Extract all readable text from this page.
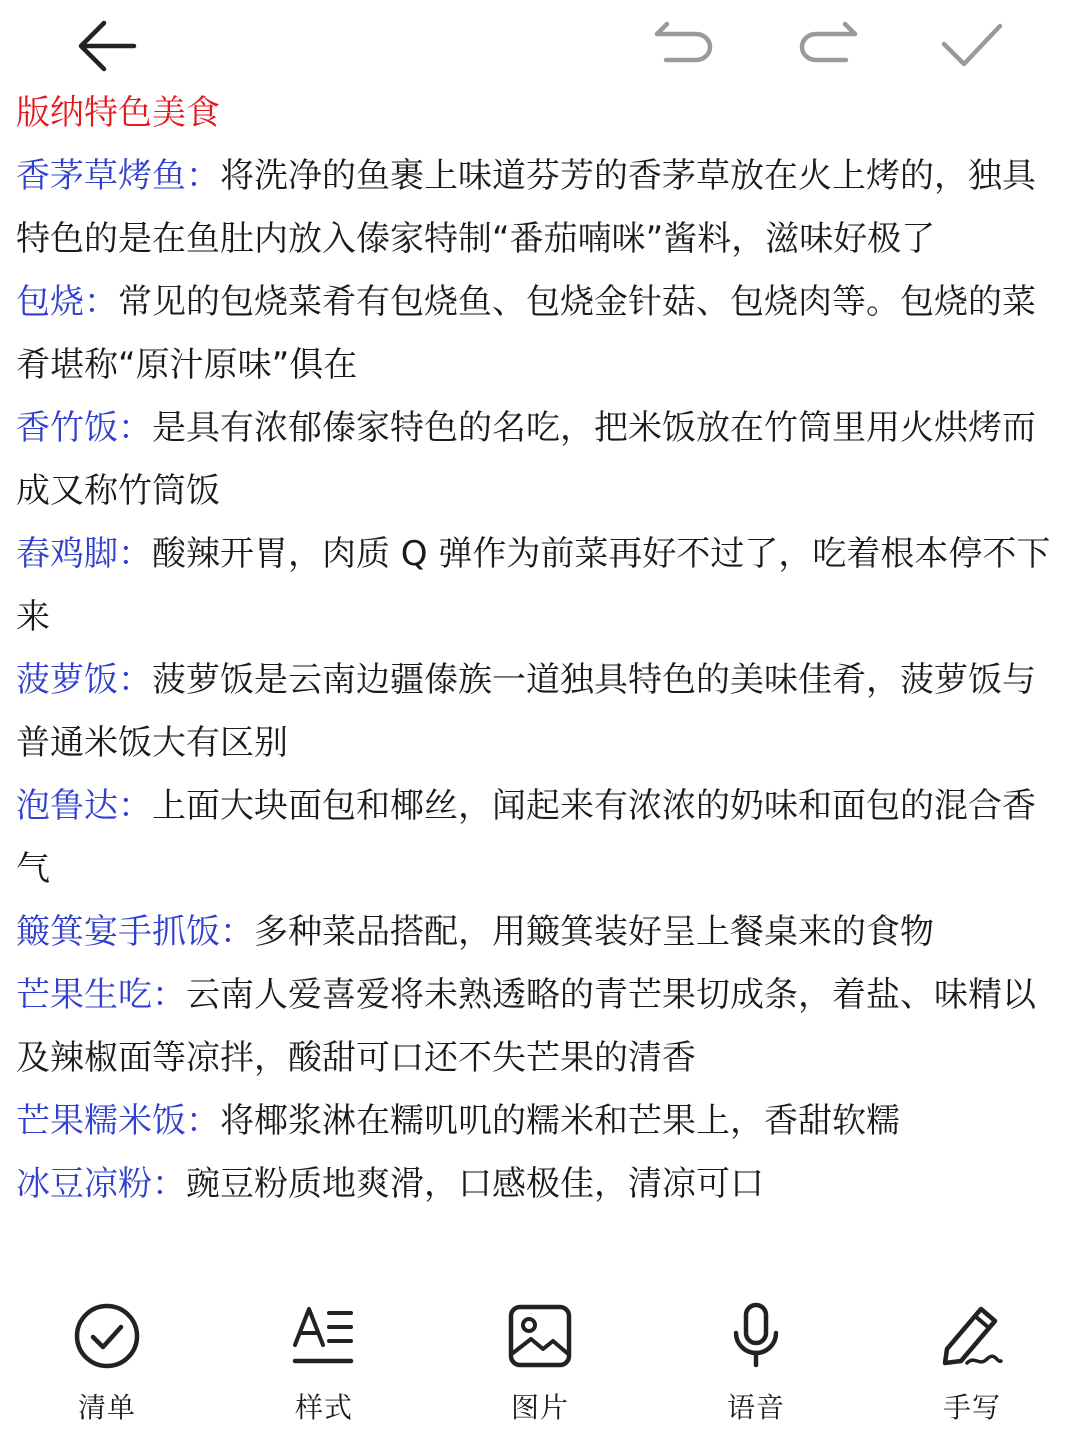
版纳特色美食
香茅草烤鱼：将洗净的鱼裹上味道芬芳的香茅草放在火上烤的，独具特色的是在鱼肚内放入傣家特制“番茄喃咪”酱料，滋味好极了
包烧：常见的包烧菜肴有包烧鱼、包烧金针菇、包烧肉等。包烧的菜肴堪称“原汁原味”俱在
香竹饭：是具有浓郁傣家特色的名吃，把米饭放在竹筒里用火烘烤而成又称竹筒饭
舂鸡脚：酸辣开胃，肉质 Q 弹作为前菜再好不过了，吃着根本停不下来
菠萝饭：菠萝饭是云南边疆傣族一道独具特色的美味佳肴，菠萝饭与普通米饭大有区别
泡鲁达：上面大块面包和椰丝，闻起来有浓浓的奶味和面包的混合香气
簸箕宴手抓饭：多种菜品搭配，用簸箕装好呈上餐桌来的食物
芒果生吃：云南人爱喜爱将未熟透略的青芒果切成条，着盐、味精以及辣椒面等凉拌，酸甜可口还不失芒果的清香
芒果糯米饭：将椰浆淋在糯叽叽的糯米和芒果上，香甜软糯
冰豆凉粉：豌豆粉质地爽滑，口感极佳，清凉可口
清单	样式	图片	语音	手写
